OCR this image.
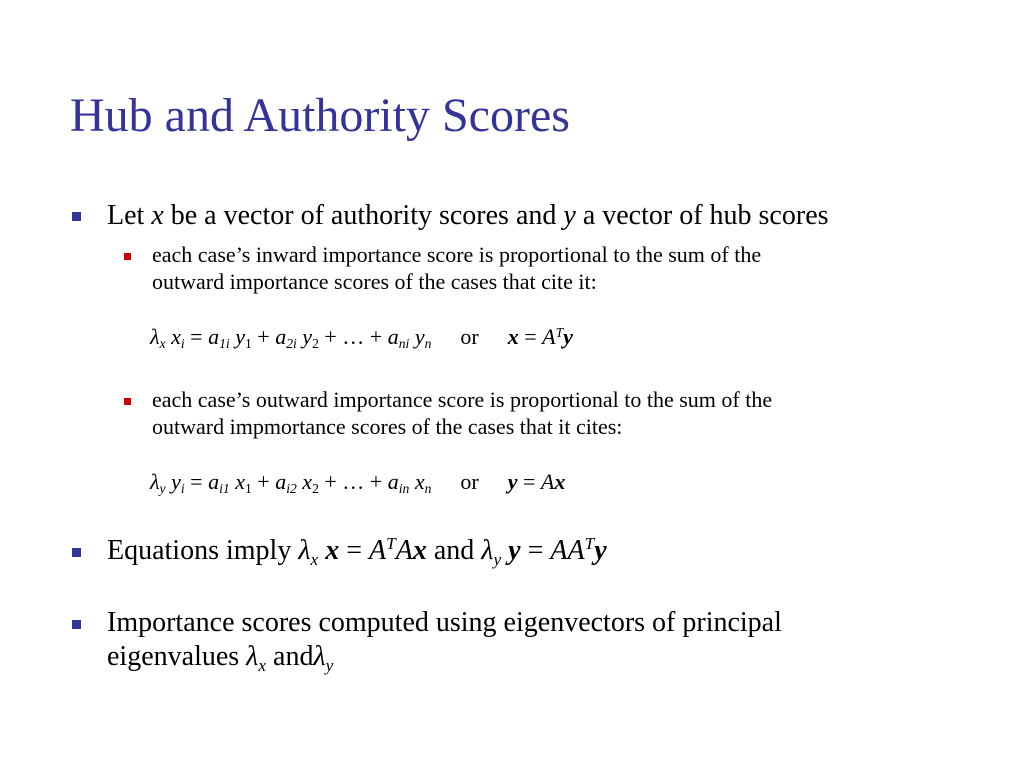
Hub and Authority Scores
Let x be a vector of authority scores and y a vector of hub scores
each case’s inward importance score is proportional to the sum of the
outward importance scores of the cases that cite it:
$\lambda_x$ $x_i = a_{1i}$ $y_1 + a_{2i}$ $y_2$ + … + $a_{ni}$ $y_n$ or $x = A^Ty$
each case’s outward importance score is proportional to the sum of the
outward impmortance scores of the cases that it cites:
$\lambda_y$ $y_i = a_{i1}$ $x_1 + a_{i2}$ $x_2$ + … + $a_{in}$ $x_n$ or y = Ax
Equations imply $\lambda_x$ $x = A^TAx$ and $\lambda_y$ $y = AA^Ty$
Importance scores computed using eigenvectors of principal
eigenvalues $\lambda_x$ andλ$_y$
